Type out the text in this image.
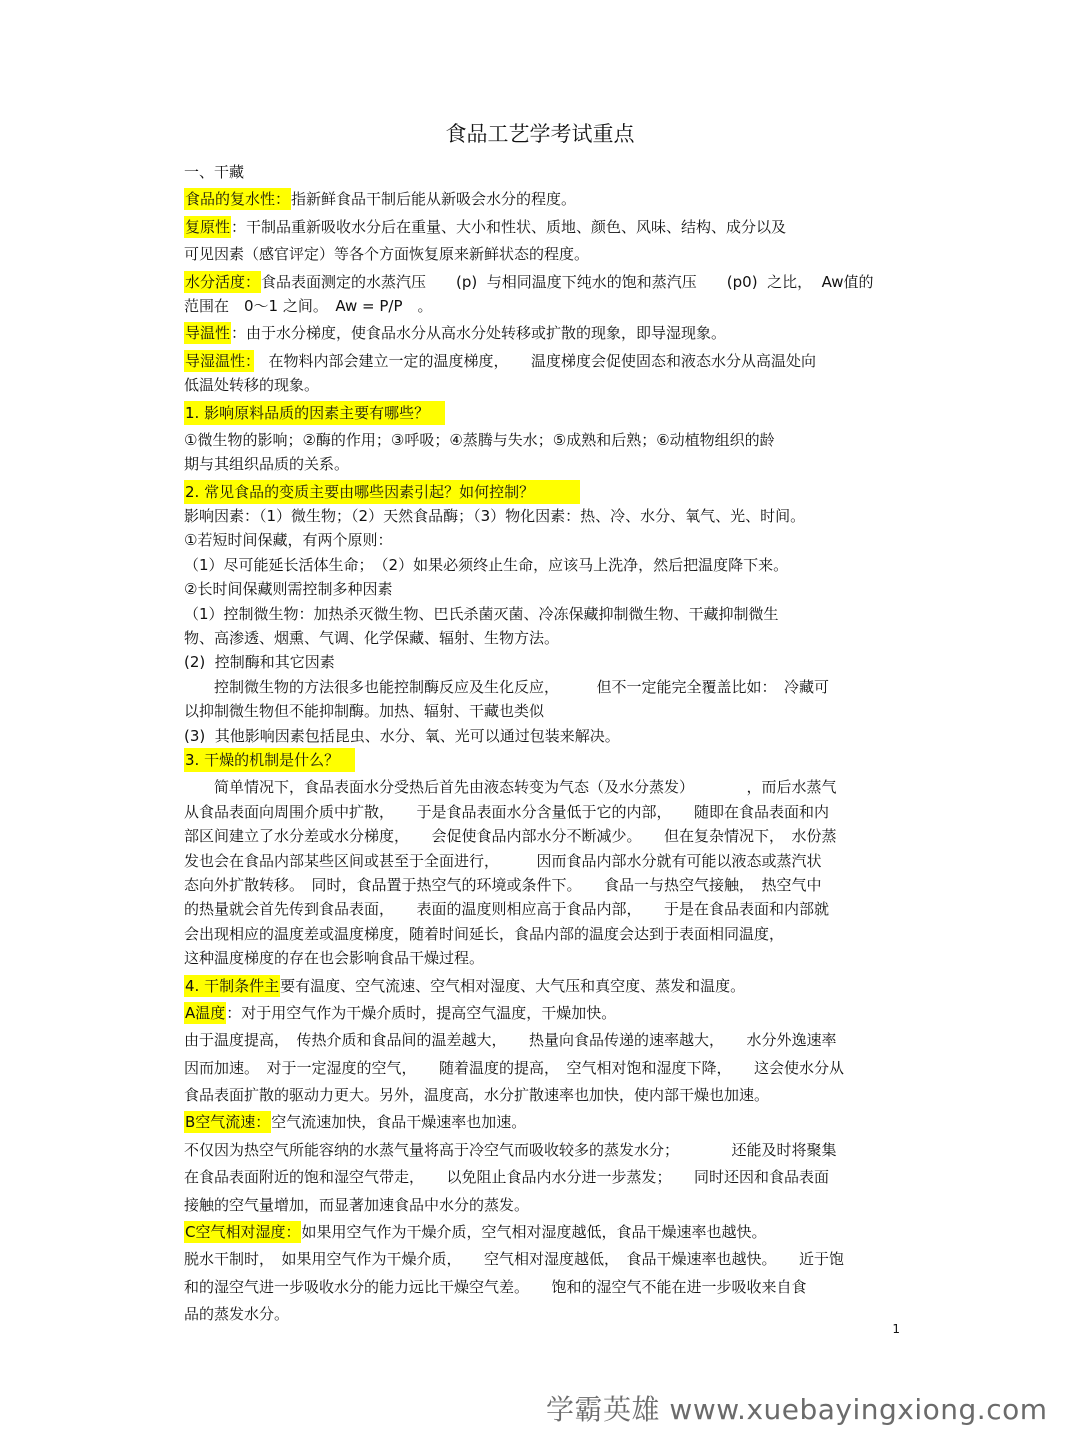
食品工艺学考试重点
一、干藏
食品的复水性：指新鲜食品干制后能从新吸会水分的程度。
复原性：干制品重新吸收水分后在重量、大小和性状、质地、颜色、风味、结构、成分以及
可见因素（感官评定）等各个方面恢复原来新鲜状态的程度。
水分活度：食品表面测定的水蒸汽压　　(p)  与相同温度下纯水的饱和蒸汽压　　(p0)  之比，  Aw值的
范围在　0～1 之间。　Aw = P/P　。
导温性：由于水分梯度，使食品水分从高水分处转移或扩散的现象，即导湿现象。
导湿温性：　在物料内部会建立一定的温度梯度，　　温度梯度会促使固态和液态水分从高温处向
低温处转移的现象。
1. 影响原料品质的因素主要有哪些？　
①微生物的影响；②酶的作用；③呼吸；④蒸腾与失水；⑤成熟和后熟；⑥动植物组织的龄
期与其组织品质的关系。
2. 常见食品的变质主要由哪些因素引起？如何控制？　　　
影响因素：（1）微生物；（2）天然食品酶；（3）物化因素：热、冷、水分、氧气、光、时间。
①若短时间保藏，有两个原则：
（1）尽可能延长活体生命；　（2）如果必须终止生命，应该马上洗净，然后把温度降下来。
②长时间保藏则需控制多种因素
（1）控制微生物：加热杀灭微生物、巴氏杀菌灭菌、冷冻保藏抑制微生物、干藏抑制微生
物、高渗透、烟熏、气调、化学保藏、辐射、生物方法。
(2)  控制酶和其它因素
　　控制微生物的方法很多也能控制酶反应及生化反应，　　　但不一定能完全覆盖比如：　冷藏可
以抑制微生物但不能抑制酶。加热、辐射、干藏也类似
(3)  其他影响因素包括昆虫、水分、氧、光可以通过包装来解决。
3. 干燥的机制是什么？　
　　简单情况下，食品表面水分受热后首先由液态转变为气态（及水分蒸发）　　　　，而后水蒸气
从食品表面向周围介质中扩散，　　于是食品表面水分含量低于它的内部，　　随即在食品表面和内
部区间建立了水分差或水分梯度，　　会促使食品内部水分不断减少。　　但在复杂情况下，　水份蒸
发也会在食品内部某些区间或甚至于全面进行，　　　因而食品内部水分就有可能以液态或蒸汽状
态向外扩散转移。　同时，食品置于热空气的环境或条件下。　　食品一与热空气接触，　热空气中
的热量就会首先传到食品表面，　　表面的温度则相应高于食品内部，　　于是在食品表面和内部就
会出现相应的温度差或温度梯度，随着时间延长，食品内部的温度会达到于表面相同温度，
这种温度梯度的存在也会影响食品干燥过程。
4. 干制条件主要有温度、空气流速、空气相对湿度、大气压和真空度、蒸发和温度。
A温度：对于用空气作为干燥介质时，提高空气温度，干燥加快。
由于温度提高，　传热介质和食品间的温差越大，　　热量向食品传递的速率越大，　　水分外逸速率
因而加速。　对于一定湿度的空气，　　随着温度的提高，　空气相对饱和湿度下降，　　这会使水分从
食品表面扩散的驱动力更大。另外，温度高，水分扩散速率也加快，使内部干燥也加速。
B空气流速：空气流速加快，食品干燥速率也加速。
不仅因为热空气所能容纳的水蒸气量将高于冷空气而吸收较多的蒸发水分；　　　　还能及时将聚集
在食品表面附近的饱和湿空气带走，　　以免阻止食品内水分进一步蒸发；　　同时还因和食品表面
接触的空气量增加，而显著加速食品中水分的蒸发。
C空气相对湿度：如果用空气作为干燥介质，空气相对湿度越低，食品干燥速率也越快。
脱水干制时，　如果用空气作为干燥介质，　　空气相对湿度越低，　食品干燥速率也越快。　　近于饱
和的湿空气进一步吸收水分的能力远比干燥空气差。　　饱和的湿空气不能在进一步吸收来自食
品的蒸发水分。
1
学霸英雄 www.xuebayingxiong.com
